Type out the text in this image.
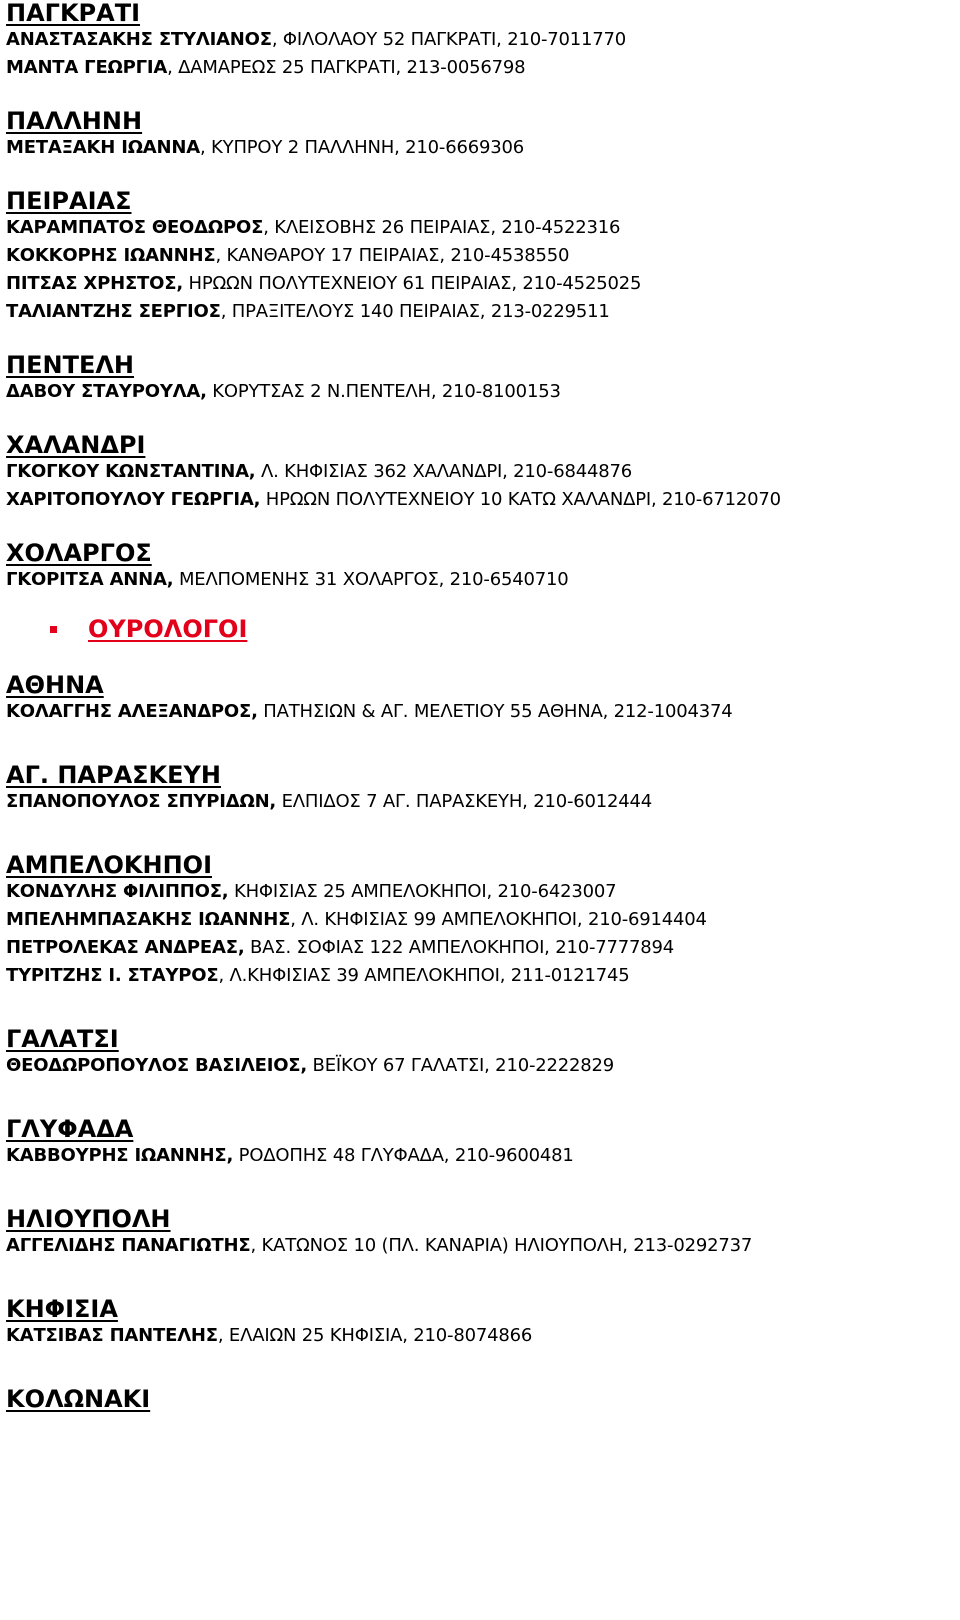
ΠΑΓΚΡΑΤΙ
ΑΝΑΣΤΑΣΑΚΗΣ ΣΤΥΛΙΑΝΟΣ, ΦΙΛΟΛΑΟΥ 52 ΠΑΓΚΡΑΤΙ, 210-7011770
ΜΑΝΤΑ ΓΕΩΡΓΙΑ, ΔΑΜΑΡΕΩΣ 25 ΠΑΓΚΡΑΤΙ, 213-0056798
ΠΑΛΛΗΝΗ
ΜΕΤΑΞΑΚΗ ΙΩΑΝΝΑ, ΚΥΠΡΟΥ 2 ΠΑΛΛΗΝΗ, 210-6669306
ΠΕΙΡΑΙΑΣ
ΚΑΡΑΜΠΑΤΟΣ ΘΕΟΔΩΡΟΣ, ΚΛΕΙΣΟΒΗΣ 26 ΠΕΙΡΑΙΑΣ, 210-4522316
ΚΟΚΚΟΡΗΣ ΙΩΑΝΝΗΣ, ΚΑΝΘΑΡΟΥ 17 ΠΕΙΡΑΙΑΣ, 210-4538550
ΠΙΤΣΑΣ ΧΡΗΣΤΟΣ, ΗΡΩΩΝ ΠΟΛΥΤΕΧΝΕΙΟΥ 61 ΠΕΙΡΑΙΑΣ, 210-4525025
ΤΑΛΙΑΝΤΖΗΣ ΣΕΡΓΙΟΣ, ΠΡΑΞΙΤΕΛΟΥΣ 140 ΠΕΙΡΑΙΑΣ, 213-0229511
ΠΕΝΤΕΛΗ
ΔΑΒΟΥ ΣΤΑΥΡΟΥΛΑ, ΚΟΡΥΤΣΑΣ 2 Ν.ΠΕΝΤΕΛΗ, 210-8100153
ΧΑΛΑΝΔΡΙ
ΓΚΟΓΚΟΥ ΚΩΝΣΤΑΝΤΙΝΑ, Λ. ΚΗΦΙΣΙΑΣ 362 ΧΑΛΑΝΔΡΙ, 210-6844876
ΧΑΡΙΤΟΠΟΥΛΟΥ ΓΕΩΡΓΙΑ, ΗΡΩΩΝ ΠΟΛΥΤΕΧΝΕΙΟΥ 10 ΚΑΤΩ ΧΑΛΑΝΔΡΙ, 210-6712070
ΧΟΛΑΡΓΟΣ
ΓΚΟΡΙΤΣΑ ΑΝΝΑ, ΜΕΛΠΟΜΕΝΗΣ 31 ΧΟΛΑΡΓΟΣ, 210-6540710
ΟΥΡΟΛΟΓΟΙ
ΑΘΗΝΑ
ΚΟΛΑΓΓΗΣ ΑΛΕΞΑΝΔΡΟΣ, ΠΑΤΗΣΙΩΝ & ΑΓ. ΜΕΛΕΤΙΟΥ 55 ΑΘΗΝΑ, 212-1004374
ΑΓ. ΠΑΡΑΣΚΕΥΗ
ΣΠΑΝΟΠΟΥΛΟΣ ΣΠΥΡΙΔΩΝ, ΕΛΠΙΔΟΣ 7 ΑΓ. ΠΑΡΑΣΚΕΥΗ, 210-6012444
ΑΜΠΕΛΟΚΗΠΟΙ
ΚΟΝΔΥΛΗΣ ΦΙΛΙΠΠΟΣ, ΚΗΦΙΣΙΑΣ 25 ΑΜΠΕΛΟΚΗΠΟΙ, 210-6423007
ΜΠΕΛΗΜΠΑΣΑΚΗΣ ΙΩΑΝΝΗΣ, Λ. ΚΗΦΙΣΙΑΣ 99 ΑΜΠΕΛΟΚΗΠΟΙ, 210-6914404
ΠΕΤΡΟΛΕΚΑΣ ΑΝΔΡΕΑΣ, ΒΑΣ. ΣΟΦΙΑΣ 122 ΑΜΠΕΛΟΚΗΠΟΙ, 210-7777894
ΤΥΡΙΤΖΗΣ Ι. ΣΤΑΥΡΟΣ, Λ.ΚΗΦΙΣΙΑΣ 39 ΑΜΠΕΛΟΚΗΠΟΙ, 211-0121745
ΓΑΛΑΤΣΙ
ΘΕΟΔΩΡΟΠΟΥΛΟΣ ΒΑΣΙΛΕΙΟΣ, ΒΕΪΚΟΥ 67 ΓΑΛΑΤΣΙ, 210-2222829
ΓΛΥΦΑΔΑ
ΚΑΒΒΟΥΡΗΣ ΙΩΑΝΝΗΣ, ΡΟΔΟΠΗΣ 48 ΓΛΥΦΑΔΑ, 210-9600481
ΗΛΙΟΥΠΟΛΗ
ΑΓΓΕΛΙΔΗΣ ΠΑΝΑΓΙΩΤΗΣ, ΚΑΤΩΝΟΣ 10 (ΠΛ. ΚΑΝΑΡΙΑ) ΗΛΙΟΥΠΟΛΗ, 213-0292737
ΚΗΦΙΣΙΑ
ΚΑΤΣΙΒΑΣ ΠΑΝΤΕΛΗΣ, ΕΛΑΙΩΝ 25 ΚΗΦΙΣΙΑ, 210-8074866
ΚΟΛΩΝΑΚΙ
